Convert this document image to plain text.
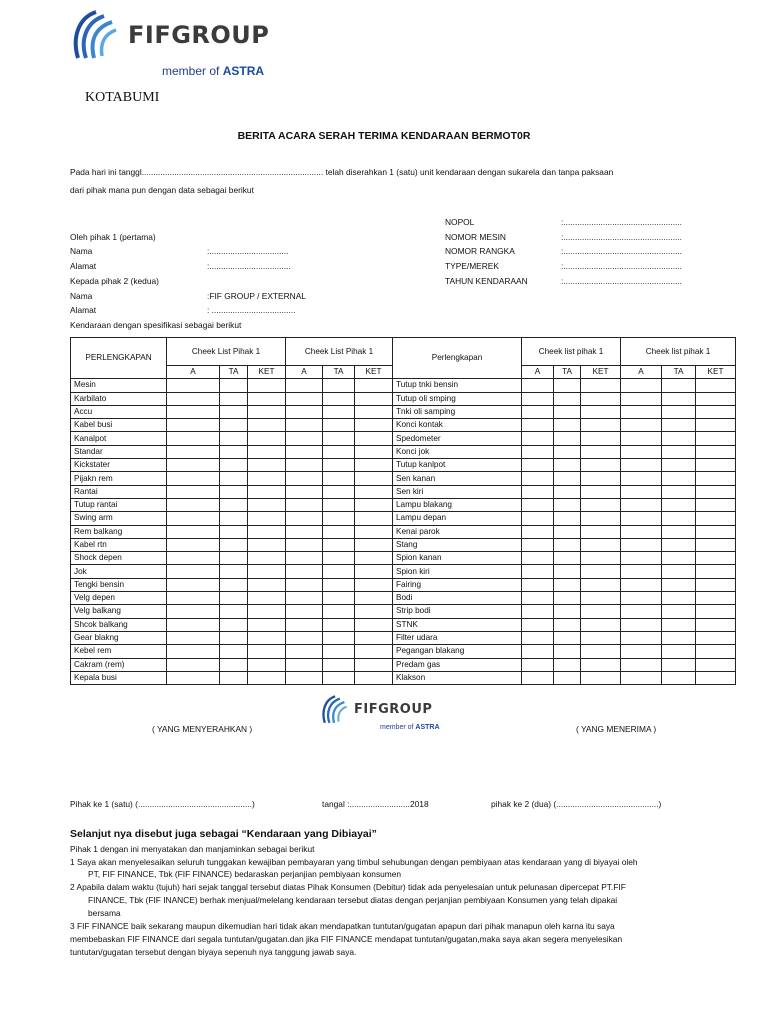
FIFGROUP
member of ASTRA
KOTABUMI
BERITA ACARA SERAH TERIMA KENDARAAN BERMOT0R
Pada hari ini tanggl.............................................................................. telah diserahkan 1 (satu) unit kendaraan dengan sukarela dan tanpa paksaan
dari pihak mana pun dengan data sebagai berikut
Oleh pihak 1 (pertama)
Nama	:..................................
Alamat	:...................................
Kepada pihak 2 (kedua)
Nama	:FIF GROUP / EXTERNAL
Alamat	: ....................................
Kendaraan dengan spesifikasi sebagai berikut
NOPOL	:...................................................
NOMOR MESIN	:...................................................
NOMOR RANGKA	:...................................................
TYPE/MEREK	:...................................................
TAHUN KENDARAAN	:...................................................
PERLENGKAPAN	Cheek List Pihak 1			Cheek List Pihak 1			Perlengkapan	Cheek list pihak 1			Cheek list pihak 1		
	A	TA	KET	A	TA	KET		A	TA	KET	A	TA	KET
Mesin							Tutup tnki bensin						
Karbilato							Tutup oli smping						
Accu							Tnki oli samping						
Kabel busi							Konci kontak						
Kanalpot							Spedometer						
Standar							Konci jok						
Kickstater							Tutup kanlpot						
Pijakn rem							Sen kanan						
Rantai							Sen kiri						
Tutup rantai							Lampu blakang						
Swing arm							Lampu depan						
Rem balkang							Kenai parok						
Kabel rtn							Stang						
Shock depen							Spion kanan						
Jok							Spion kiri						
Tengki bensin							Fairing						
Velg depen							Bodi						
Velg balkang							Strip bodi						
Shcok balkang							STNK						
Gear blakng							Filter udara						
Kebel rem							Pegangan blakang						
Cakram (rem)							Predam gas						
Kepala busi							Klakson						
FIFGROUP
member of ASTRA
( YANG MENYERAHKAN )	( YANG MENERIMA )
Pihak ke 1 (satu) (.................................................)	tangal :..........................2018	pihak ke 2 (dua) (............................................)
Selanjut nya disebut juga sebagai “Kendaraan yang Dibiayai”
Pihak 1 dengan ini menyatakan dan manjaminkan sebagai berikut
1 Saya akan menyelesaikan seluruh tunggakan kewajiban pembayaran yang timbul sehubungan dengan pembiyaan atas kendaraan yang di biyayai oleh
PT, FIF FINANCE, Tbk (FIF FINANCE) bedaraskan perjanjian pembiyaan konsumen
2 Apabila dalam waktu (tujuh) hari sejak tanggal tersebut diatas Pihak Konsumen (Debitur) tidak ada penyelesaian untuk pelunasan dipercepat PT.FIF
FINANCE, Tbk (FIF INANCE) berhak menjual/melelang kendaraan tersebut diatas dengan perjanjian pembiyaan Konsumen yang telah dipakai
bersama
3 FIF FINANCE baik sekarang maupun dikemudian hari tidak akan mendapatkan tuntutan/gugatan apapun dari pihak manapun oleh karna itu saya
membebaskan FIF FINANCE dari segala tuntutan/gugatan.dan jika FIF FINANCE mendapat tuntutan/gugatan,maka saya akan segera menyelesikan
tuntutan/gugatan tersebut dengan biyaya sepenuh nya tanggung jawab saya.
